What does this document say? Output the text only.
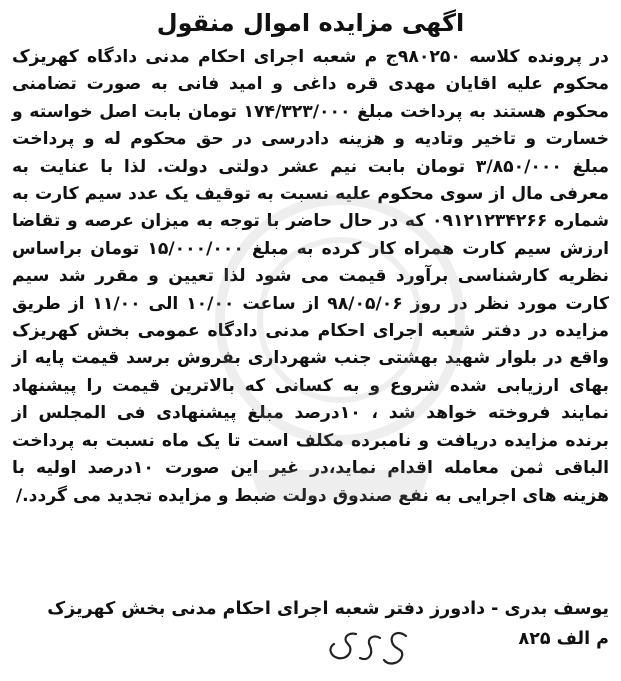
اگهی مزایده اموال منقول

در پرونده کلاسه ۹۸۰۲۵۰ج م شعبه اجرای احکام مدنی دادگاه کهریزک محکوم علیه اقایان مهدی قره داغی و امید فانی به صورت تضامنی محکوم هستند به پرداخت مبلغ ۱۷۴/۳۲۳/۰۰۰ تومان بابت اصل خواسته و خسارت و تاخیر وتادیه و هزینه دادرسی در حق محکوم له و پرداخت مبلغ ۳/۸۵۰/۰۰۰ تومان بابت نیم عشر دولتی دولت. لذا با عنایت به معرفی مال از سوی محکوم علیه نسبت به توقیف یک عدد سیم کارت به شماره ۰۹۱۲۱۲۳۴۲۶۶ که در حال حاضر با توجه به میزان عرصه و تقاضا ارزش سیم کارت همراه کار کرده به مبلغ ۱۵/۰۰۰/۰۰۰ تومان براساس نظریه کارشناسی برآورد قیمت می شود لذا تعیین و مقرر شد سیم کارت مورد نظر در روز ۹۸/۰۵/۰۶ از ساعت ۱۰/۰۰ الی ۱۱/۰۰ از طریق مزایده در دفتر شعبه اجرای احکام مدنی دادگاه عمومی بخش کهریزک واقع در بلوار شهید بهشتی جنب شهرداری بفروش برسد قیمت پایه از بهای ارزیابی شده شروع و به کسانی که بالاترین قیمت را پیشنهاد نمایند فروخته خواهد شد ، ۱۰درصد مبلغ پیشنهادی فی المجلس از برنده مزایده دریافت و نامبرده مکلف است تا یک ماه نسبت به پرداخت الباقی ثمن معامله اقدام نماید،در غیر این صورت ۱۰درصد اولیه با هزینه های اجرایی به نفع صندوق دولت ضبط و مزایده تجدید می گردد./

یوسف بدری - دادورز دفتر شعبه اجرای احکام مدنی بخش کهریزک
م الف ۸۲۵
